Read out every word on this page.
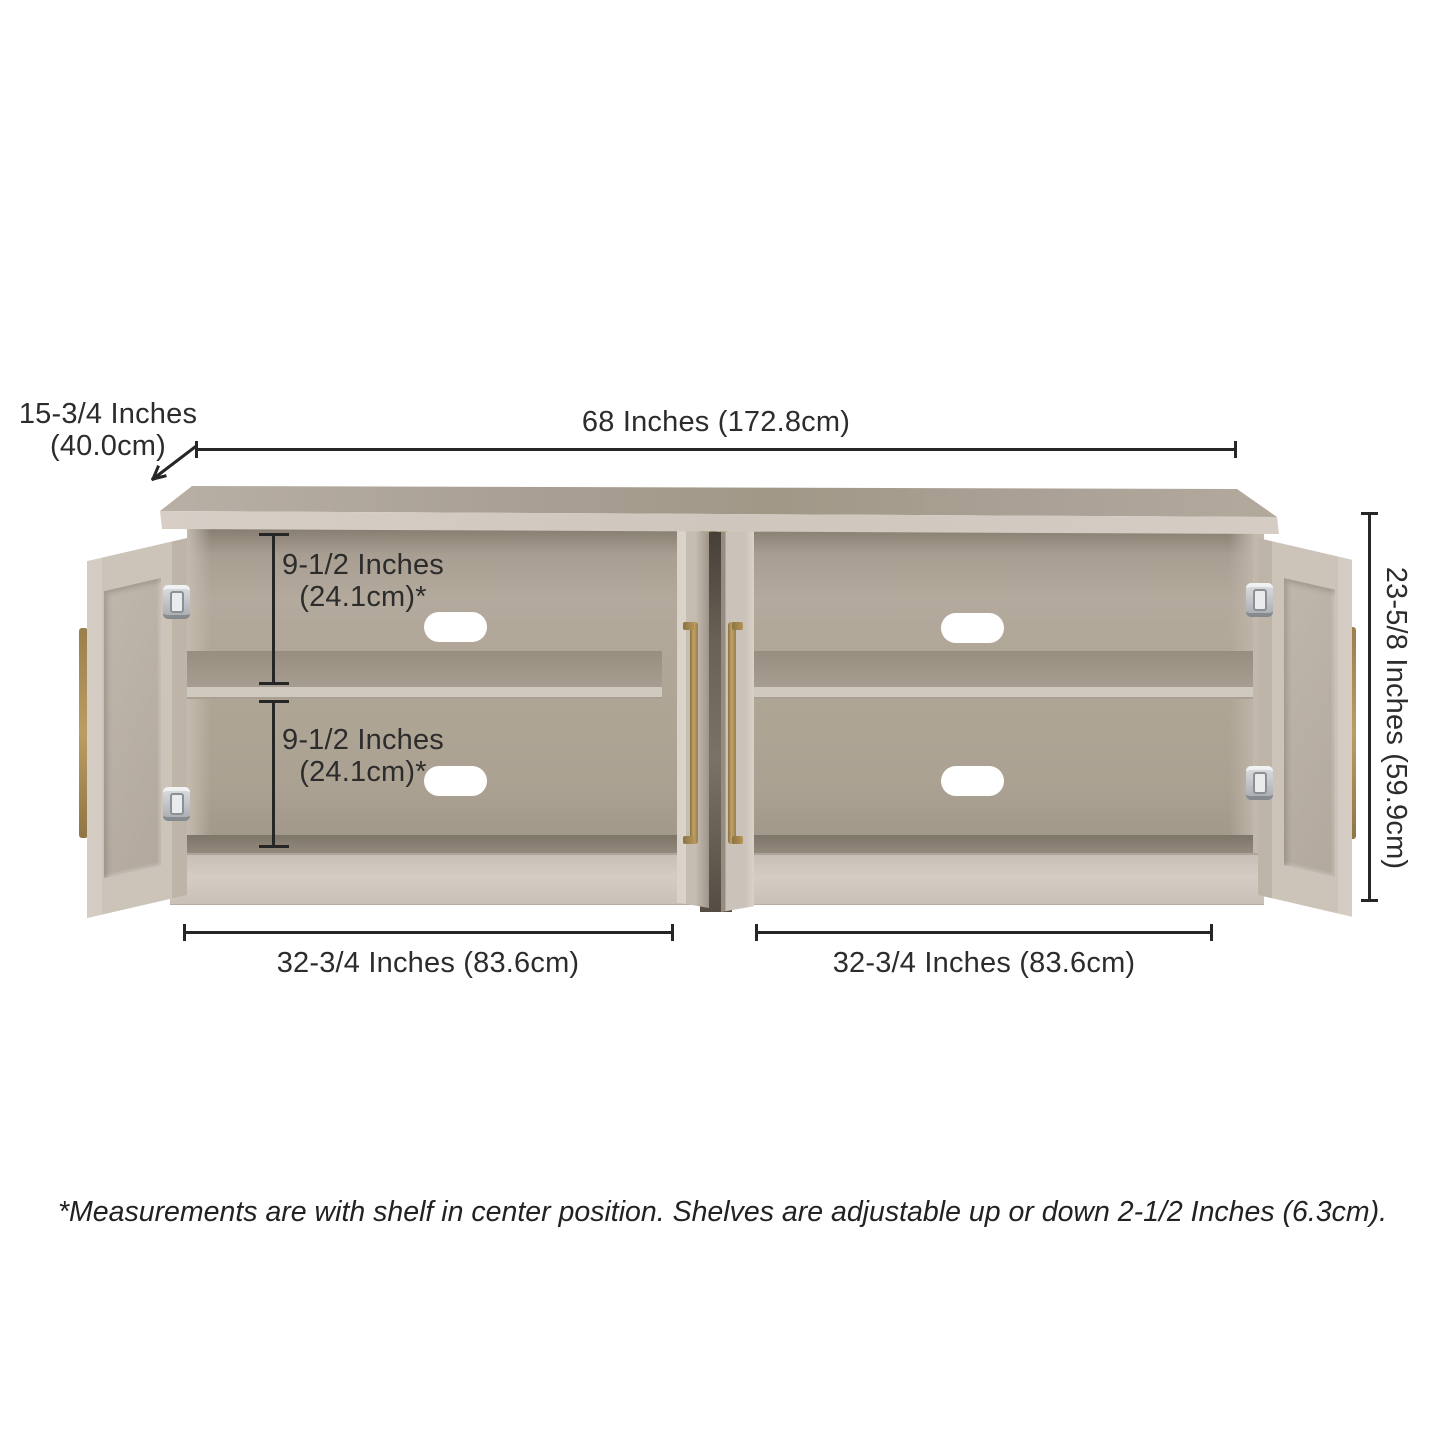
15-3/4 Inches
(40.0cm)
68 Inches (172.8cm)
23-5/8 Inches (59.9cm)
9-1/2 Inches
(24.1cm)*
9-1/2 Inches
(24.1cm)*
32-3/4 Inches (83.6cm)	32-3/4 Inches (83.6cm)
*Measurements are with shelf in center position. Shelves are adjustable up or down 2-1/2 Inches (6.3cm).
